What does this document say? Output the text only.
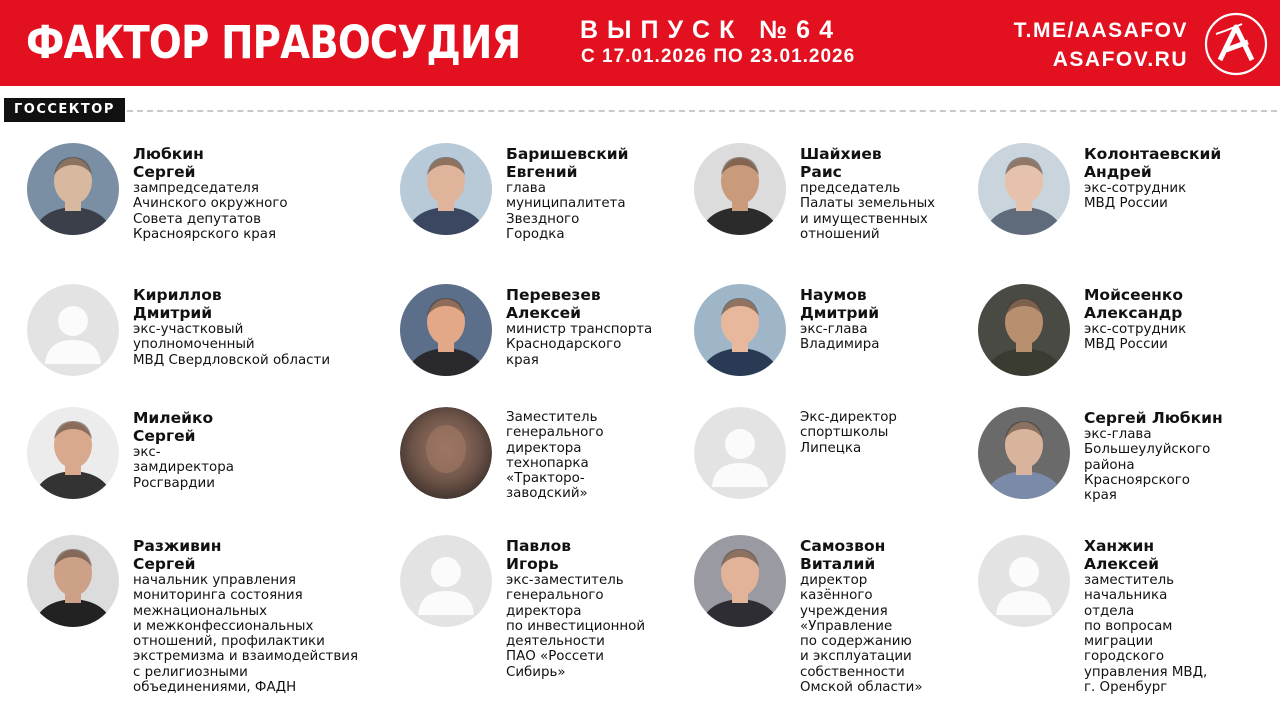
ФАКТОР ПРАВОСУДИЯ ВЫПУСК №64
С 17.01.2026 ПО 23.01.2026
T.ME/AASAFOV
ASAFOV.RU
ГОССЕКТОР
Любкин
Сергей
зампредседателя
Ачинского окружного
Совета депутатов
Красноярского края
Баришевский
Евгений
глава
муниципалитета
Звездного
Городка
Шайхиев
Раис
председатель
Палаты земельных
и имущественных
отношений
Колонтаевский
Андрей
экс-сотрудник
МВД России
Кириллов
Дмитрий
экс-участковый
уполномоченный
МВД Свердловской области
Перевезев
Алексей
министр транспорта
Краснодарского
края
Наумов
Дмитрий
экс-глава
Владимира
Мойсеенко
Александр
экс-сотрудник
МВД России
Милейко
Сергей
экс-
замдиректора
Росгвардии
Заместитель
генерального
директора
технопарка
«Тракторо-
заводский»
Экс-директор
спортшколы
Липецка
Сергей Любкин
экс-глава
Большеулуйского
района
Красноярского
края
Разживин
Сергей
начальник управления
мониторинга состояния
межнациональных
и межконфессиональных
отношений, профилактики
экстремизма и взаимодействия
с религиозными
объединениями, ФАДН
Павлов
Игорь
экс-заместитель
генерального
директора
по инвестиционной
деятельности
ПАО «Россети
Сибирь»
Самозвон
Виталий
директор
казённого
учреждения
«Управление
по содержанию
и эксплуатации
собственности
Омской области»
Ханжин
Алексей
заместитель
начальника
отдела
по вопросам
миграции
городского
управления МВД,
г. Оренбург
